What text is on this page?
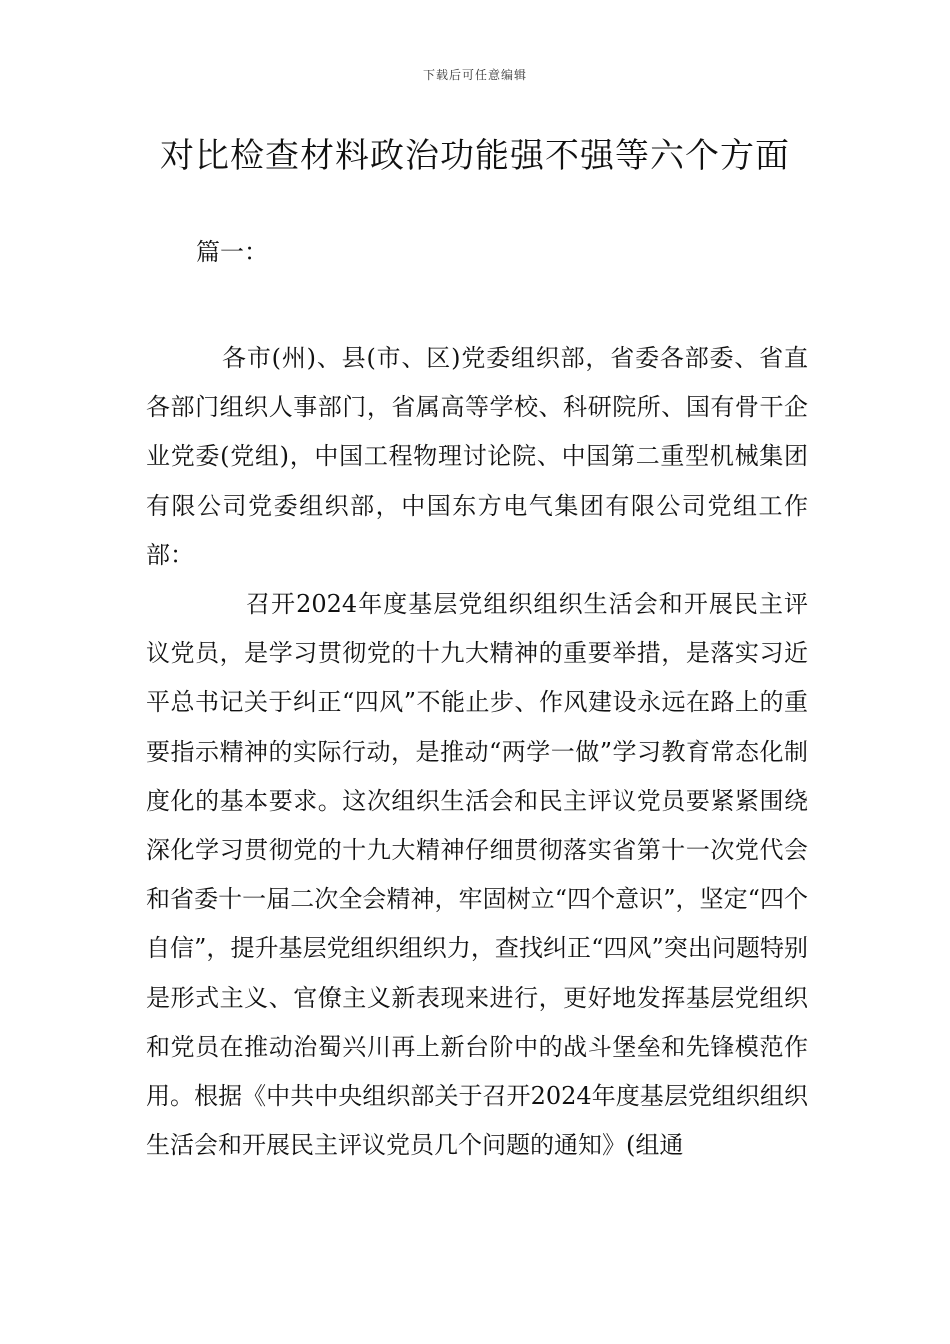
下载后可任意编辑
对比检查材料政治功能强不强等六个方面
篇一：

各市(州)、县(市、区)党委组织部，省委各部委、省直各部门组织人事部门，省属高等学校、科研院所、国有骨干企业党委(党组)，中国工程物理讨论院、中国第二重型机械集团有限公司党委组织部，中国东方电气集团有限公司党组工作部：

召开2024年度基层党组织组织生活会和开展民主评议党员，是学习贯彻党的十九大精神的重要举措，是落实习近平总书记关于纠正“四风”不能止步、作风建设永远在路上的重要指示精神的实际行动，是推动“两学一做”学习教育常态化制度化的基本要求。这次组织生活会和民主评议党员要紧紧围绕深化学习贯彻党的十九大精神仔细贯彻落实省第十一次党代会和省委十一届二次全会精神，牢固树立“四个意识”，坚定“四个自信”，提升基层党组织组织力，查找纠正“四风”突出问题特别是形式主义、官僚主义新表现来进行，更好地发挥基层党组织和党员在推动治蜀兴川再上新台阶中的战斗堡垒和先锋模范作用。根据《中共中央组织部关于召开2024年度基层党组织组织生活会和开展民主评议党员几个问题的通知》(组通
